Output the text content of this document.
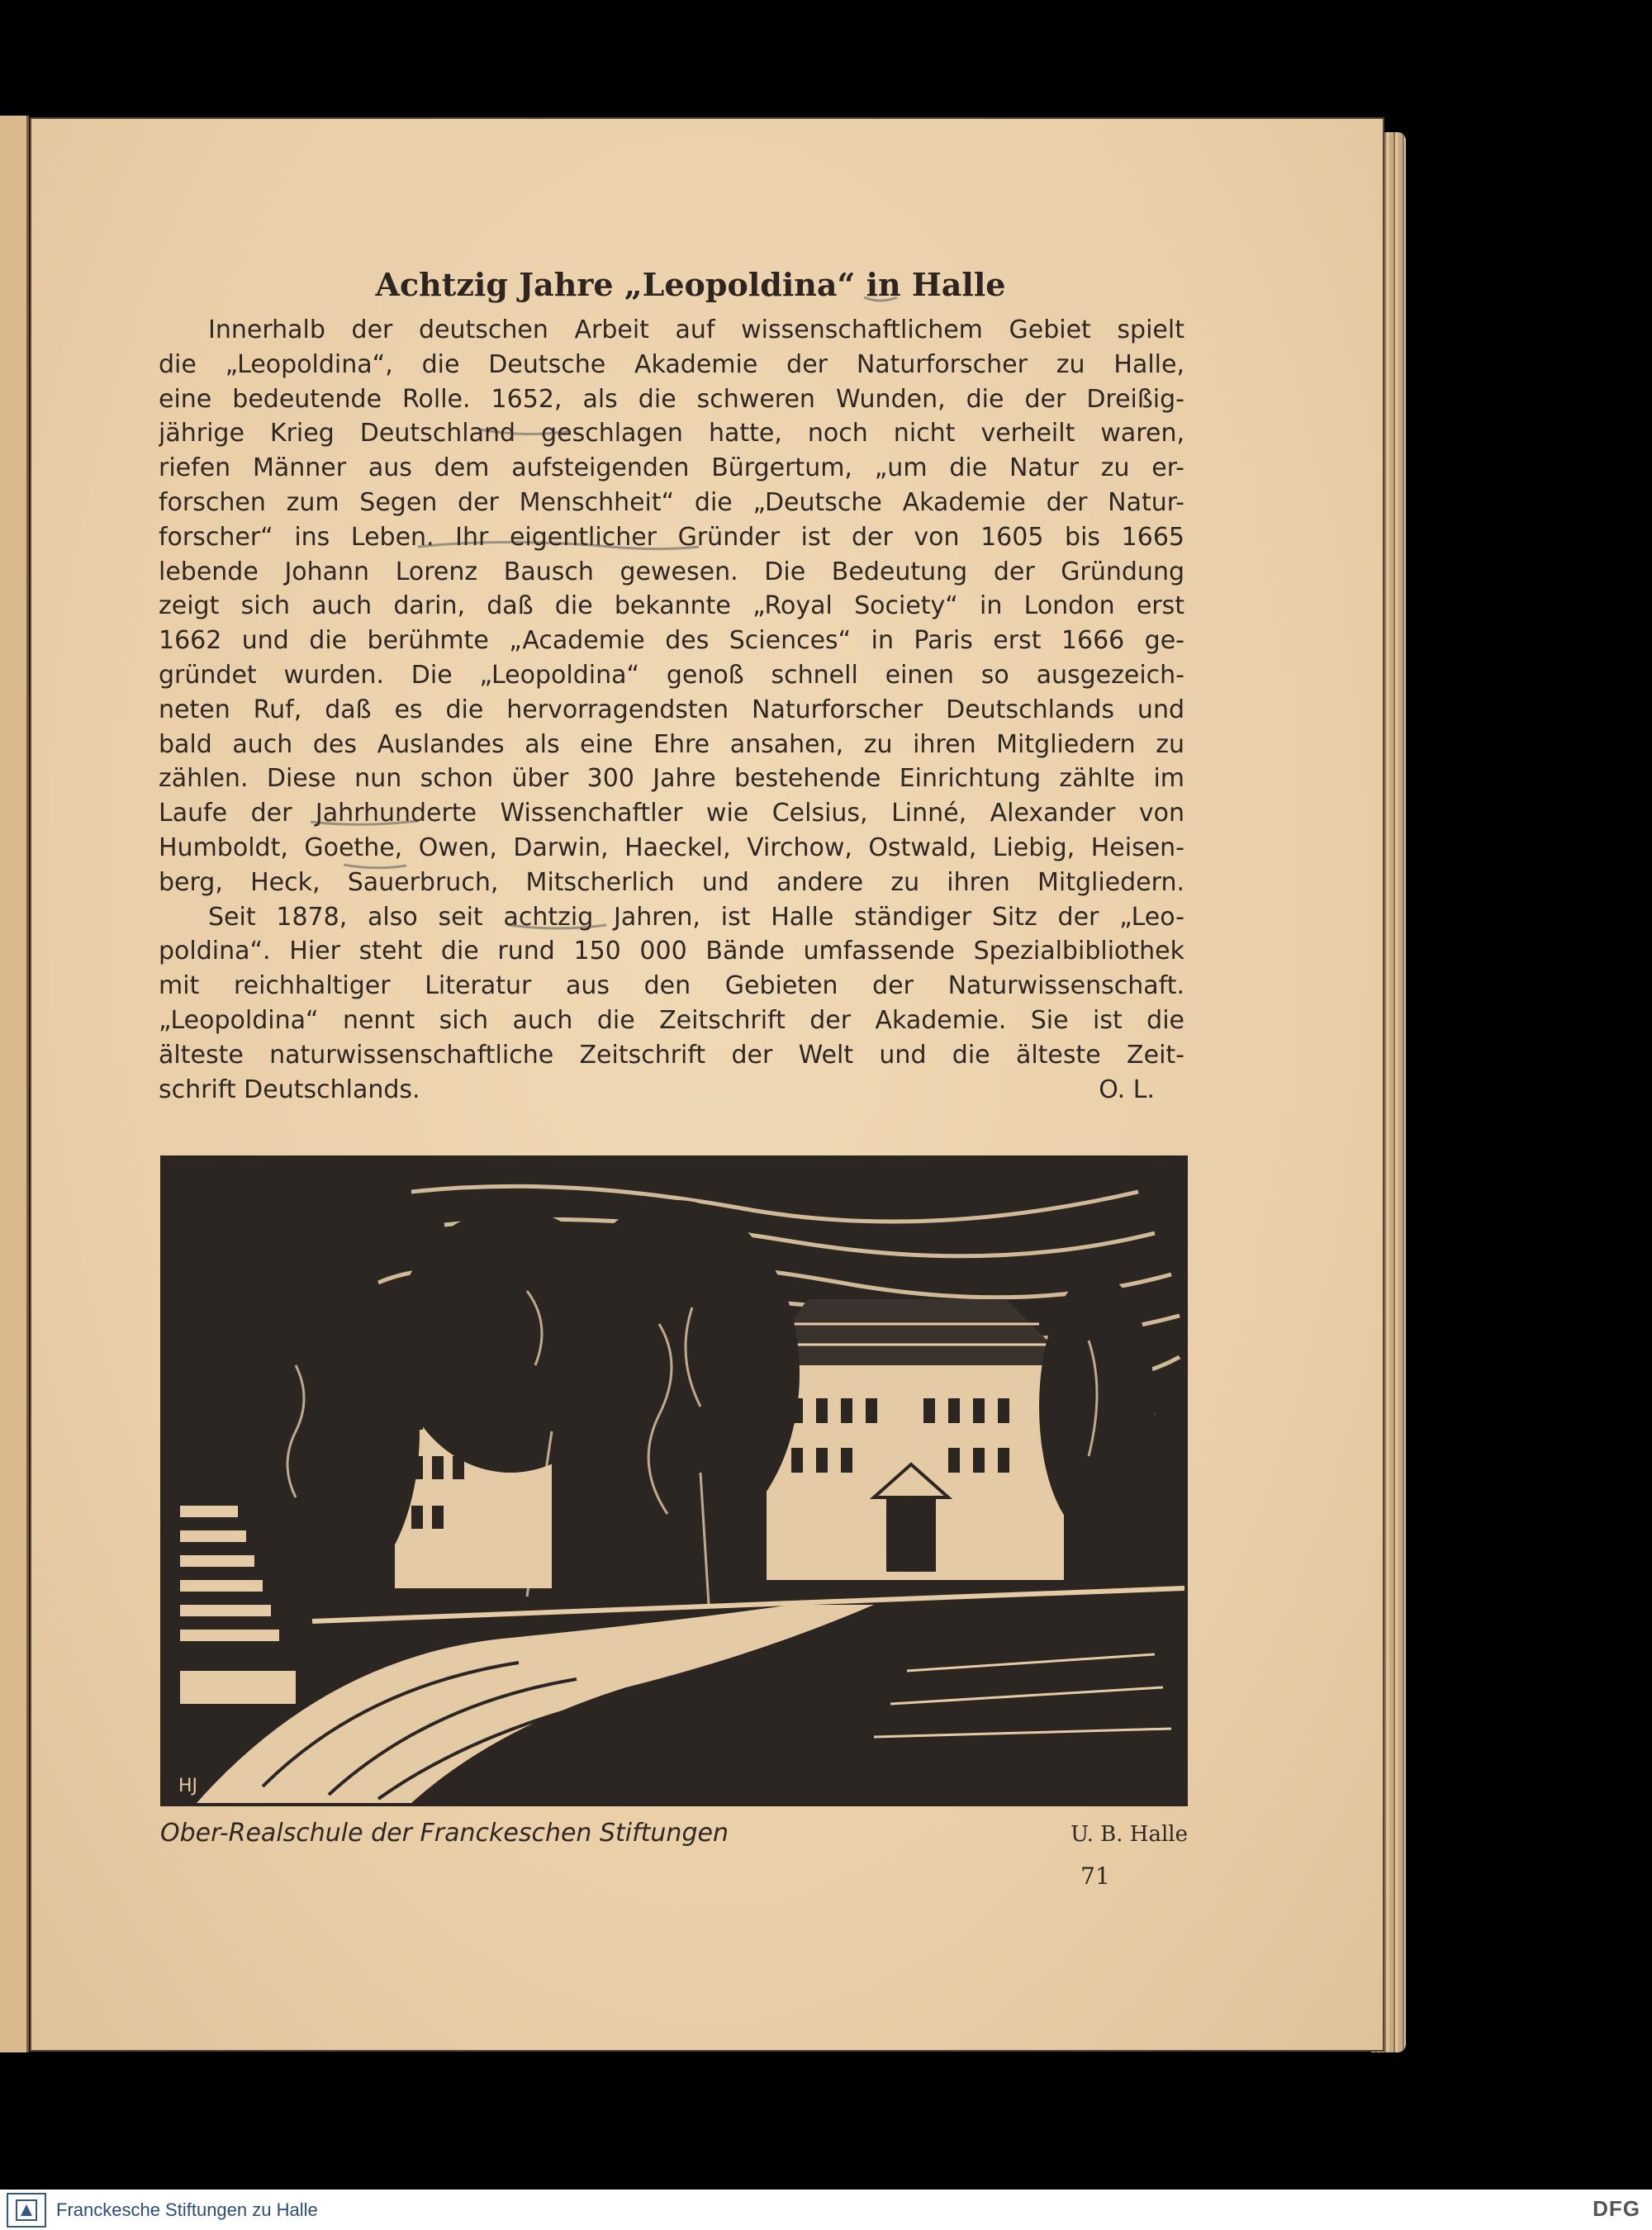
Achtzig Jahre „Leopoldina“ in Halle
Innerhalb der deutschen Arbeit auf wissenschaftlichem Gebiet spielt
die „Leopoldina“, die Deutsche Akademie der Naturforscher zu Halle,
eine bedeutende Rolle. 1652, als die schweren Wunden, die der Dreißig-
jährige Krieg Deutschland geschlagen hatte, noch nicht verheilt waren,
riefen Männer aus dem aufsteigenden Bürgertum, „um die Natur zu er-
forschen zum Segen der Menschheit“ die „Deutsche Akademie der Natur-
forscher“ ins Leben. Ihr eigentlicher Gründer ist der von 1605 bis 1665
lebende Johann Lorenz Bausch gewesen. Die Bedeutung der Gründung
zeigt sich auch darin, daß die bekannte „Royal Society“ in London erst
1662 und die berühmte „Academie des Sciences“ in Paris erst 1666 ge-
gründet wurden. Die „Leopoldina“ genoß schnell einen so ausgezeich-
neten Ruf, daß es die hervorragendsten Naturforscher Deutschlands und
bald auch des Auslandes als eine Ehre ansahen, zu ihren Mitgliedern zu
zählen. Diese nun schon über 300 Jahre bestehende Einrichtung zählte im
Laufe der Jahrhunderte Wissenchaftler wie Celsius, Linné, Alexander von
Humboldt, Goethe, Owen, Darwin, Haeckel, Virchow, Ostwald, Liebig, Heisen-
berg, Heck, Sauerbruch, Mitscherlich und andere zu ihren Mitgliedern.
Seit 1878, also seit achtzig Jahren, ist Halle ständiger Sitz der „Leo-
poldina“. Hier steht die rund 150 000 Bände umfassende Spezialbibliothek
mit reichhaltiger Literatur aus den Gebieten der Naturwissenschaft.
„Leopoldina“ nennt sich auch die Zeitschrift der Akademie. Sie ist die
älteste naturwissenschaftliche Zeitschrift der Welt und die älteste Zeit-
schrift Deutschlands.	O. L.
HJ
Ober-Realschule der Franckeschen Stiftungen	U. B. Halle
71
Franckesche Stiftungen zu Halle	DFG
